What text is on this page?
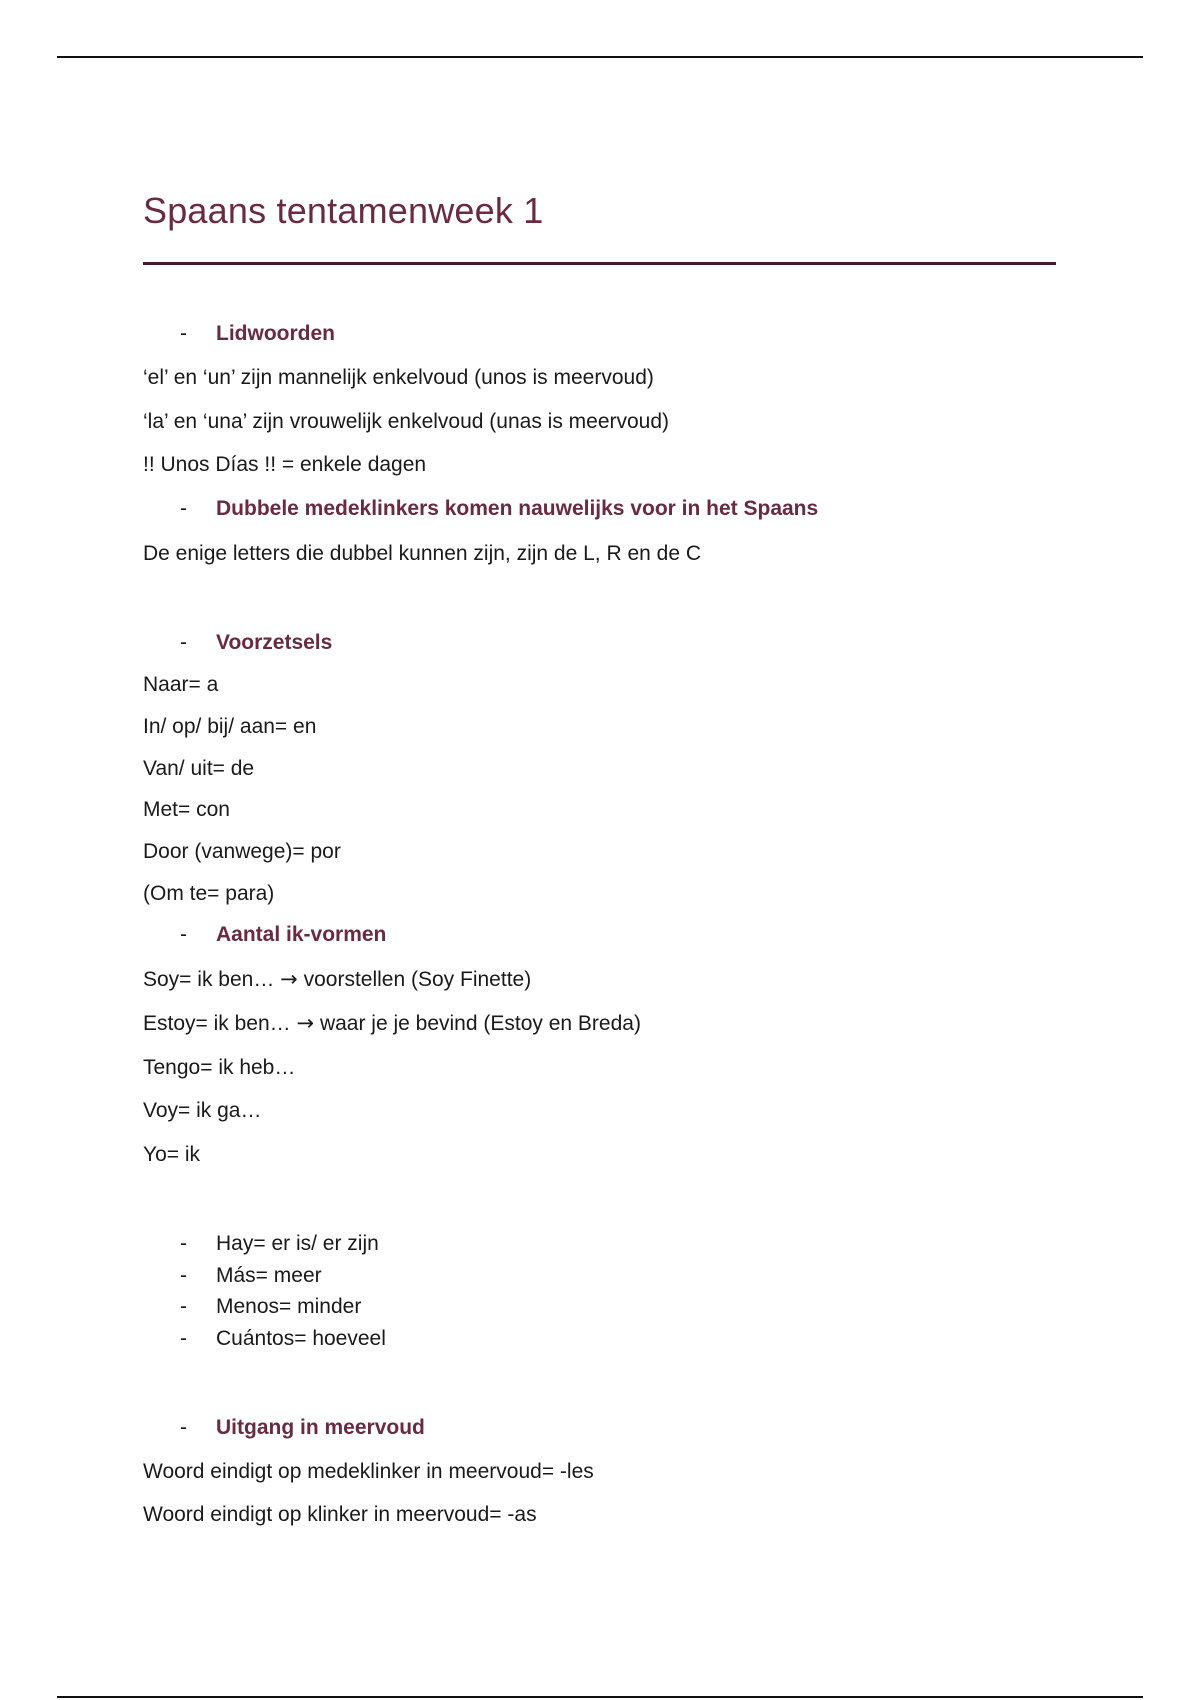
Spaans tentamenweek 1
- Lidwoorden
‘el’ en ‘un’ zijn mannelijk enkelvoud (unos is meervoud)
‘la’ en ‘una’ zijn vrouwelijk enkelvoud (unas is meervoud)
!! Unos Días !! = enkele dagen
- Dubbele medeklinkers komen nauwelijks voor in het Spaans
De enige letters die dubbel kunnen zijn, zijn de L, R en de C
- Voorzetsels
Naar= a
In/ op/ bij/ aan= en
Van/ uit= de
Met= con
Door (vanwege)= por
(Om te= para)
- Aantal ik-vormen
Soy= ik ben… → voorstellen (Soy Finette)
Estoy= ik ben… → waar je je bevind (Estoy en Breda)
Tengo= ik heb…
Voy= ik ga…
Yo= ik
- Hay= er is/ er zijn
- Más= meer
- Menos= minder
- Cuántos= hoeveel
- Uitgang in meervoud
Woord eindigt op medeklinker in meervoud= -les
Woord eindigt op klinker in meervoud= -as
